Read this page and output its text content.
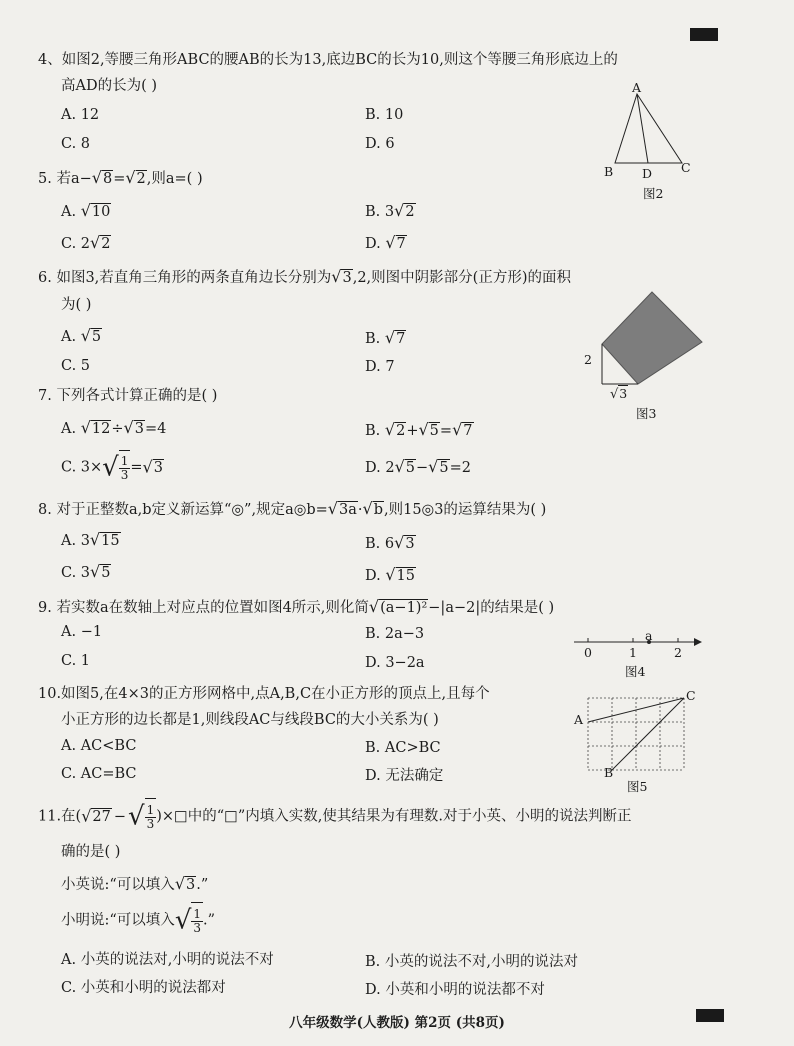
4、如图2,等腰三角形ABC的腰AB的长为13,底边BC的长为10,则这个等腰三角形底边上的
高AD的长为( )
A. 12	B. 10
C. 8	D. 6
A
B D C
图2
5. 若a−√8=√2,则a=( )
A. √10	B. 3√2
C. 2√2	D. √7
6. 如图3,若直角三角形的两条直角边长分别为√3,2,则图中阴影部分(正方形)的面积
为( )
A. √5	B. √7
C. 5	D. 7	2
√3
图3
7. 下列各式计算正确的是( )
A. √12÷√3=4	B. √2+√5=√7
C. $3\times√ \frac{1}{3} =√3$	D. 2√5−√5=2
8. 对于正整数a,b定义新运算“◎”,规定a◎b=√3a·√b,则15◎3的运算结果为( )
A. 3√15	B. 6√3
C. 3√5	D. √15
9. 若实数a在数轴上对应点的位置如图4所示,则化简√(a−1)²−|a−2|的结果是( )
A. −1	B. 2a−3
C. 1	D. 3−2a
a
0	1	2
图4
10.如图5,在4×3的正方形网格中,点A,B,C在小正方形的顶点上,且每个
小正方形的边长都是1,则线段AC与线段BC的大小关系为( )
A. AC<BC	B. AC>BC
C. AC=BC	D. 无法确定
A
C
B
图5
11.在(√27 −√ $\frac{1}{3}$ )×□中的“□”内填入实数,使其结果为有理数.对于小英、小明的说法判断正
确的是( )
小英说:“可以填入√3.”
小明说:“可以填入√ $\frac{1}{3}$ .”
A. 小英的说法对,小明的说法不对	B. 小英的说法不对,小明的说法对
C. 小英和小明的说法都对	D. 小英和小明的说法都不对
八年级数学(人教版) 第2页 (共8页)
